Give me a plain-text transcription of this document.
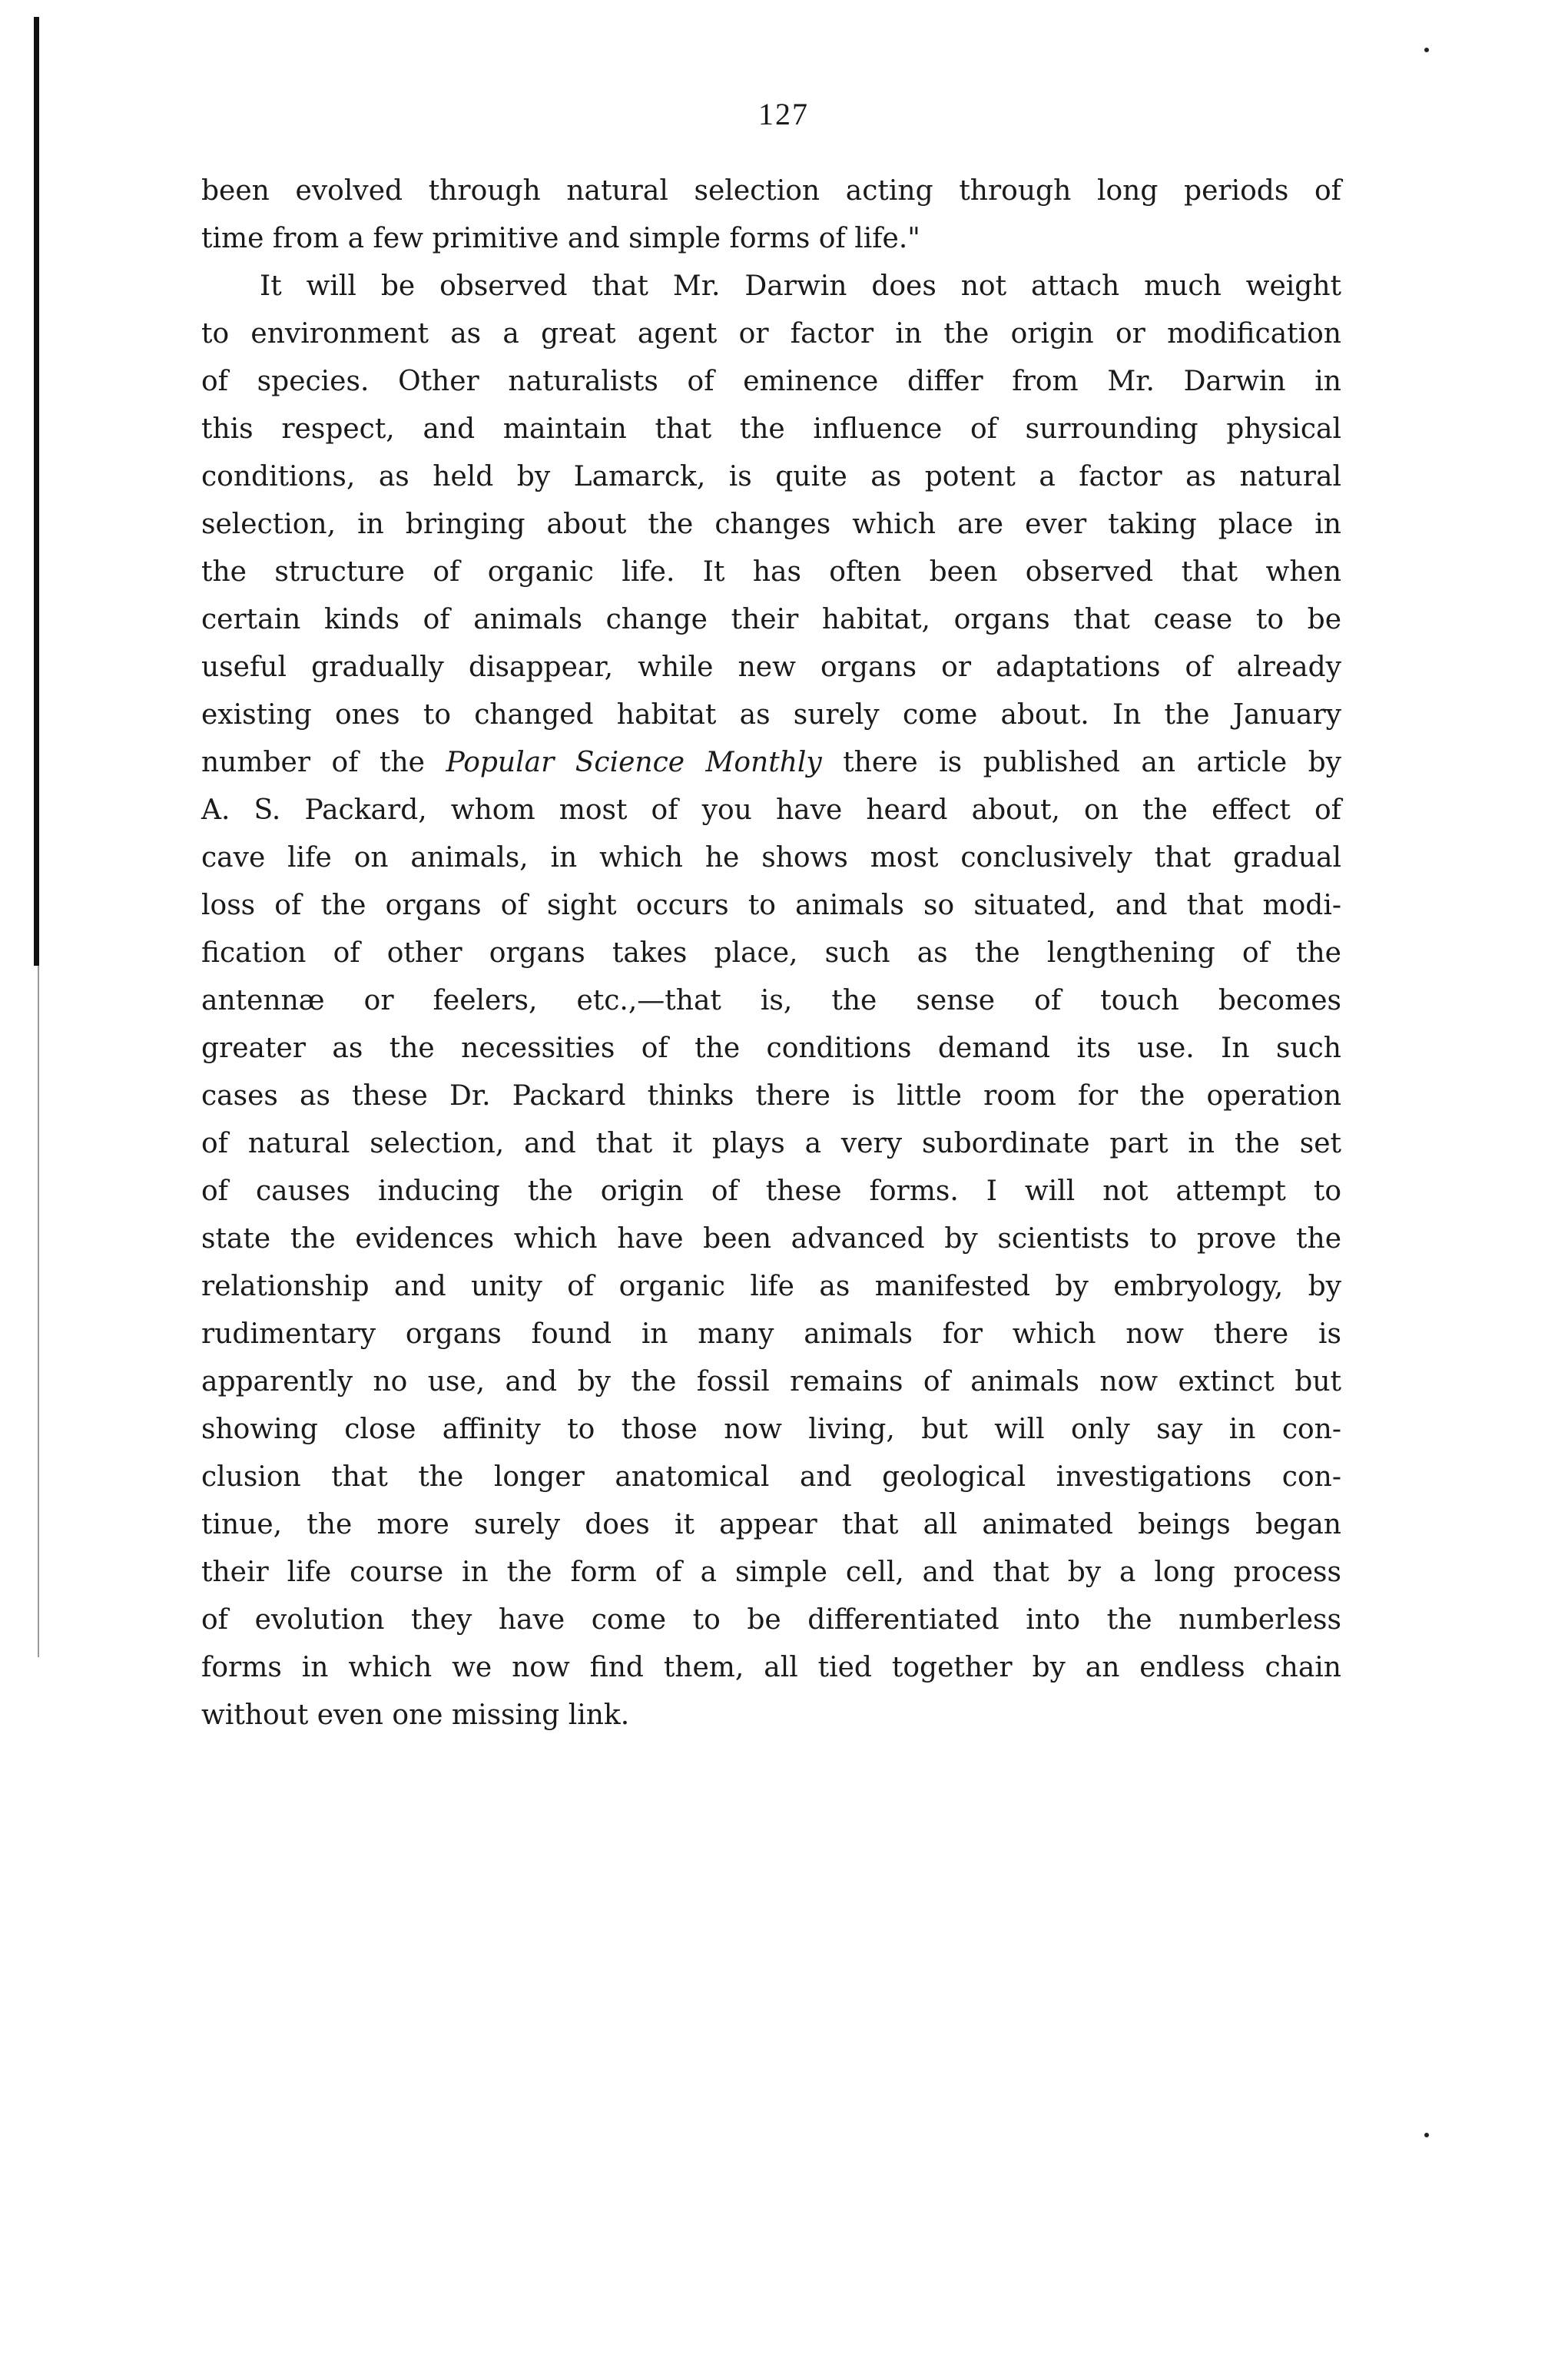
127
been evolved through natural selection acting through long periods of
time from a few primitive and simple forms of life."
It will be observed that Mr. Darwin does not attach much weight
to environment as a great agent or factor in the origin or modification
of species. Other naturalists of eminence differ from Mr. Darwin in
this respect, and maintain that the influence of surrounding physical
conditions, as held by Lamarck, is quite as potent a factor as natural
selection, in bringing about the changes which are ever taking place in
the structure of organic life. It has often been observed that when
certain kinds of animals change their habitat, organs that cease to be
useful gradually disappear, while new organs or adaptations of already
existing ones to changed habitat as surely come about. In the January
number of the Popular Science Monthly there is published an article by
A. S. Packard, whom most of you have heard about, on the effect of
cave life on animals, in which he shows most conclusively that gradual
loss of the organs of sight occurs to animals so situated, and that modi-
fication of other organs takes place, such as the lengthening of the
antennæ or feelers, etc.,—that is, the sense of touch becomes
greater as the necessities of the conditions demand its use. In such
cases as these Dr. Packard thinks there is little room for the operation
of natural selection, and that it plays a very subordinate part in the set
of causes inducing the origin of these forms. I will not attempt to
state the evidences which have been advanced by scientists to prove the
relationship and unity of organic life as manifested by embryology, by
rudimentary organs found in many animals for which now there is
apparently no use, and by the fossil remains of animals now extinct but
showing close affinity to those now living, but will only say in con-
clusion that the longer anatomical and geological investigations con-
tinue, the more surely does it appear that all animated beings began
their life course in the form of a simple cell, and that by a long process
of evolution they have come to be differentiated into the numberless
forms in which we now find them, all tied together by an endless chain
without even one missing link.
